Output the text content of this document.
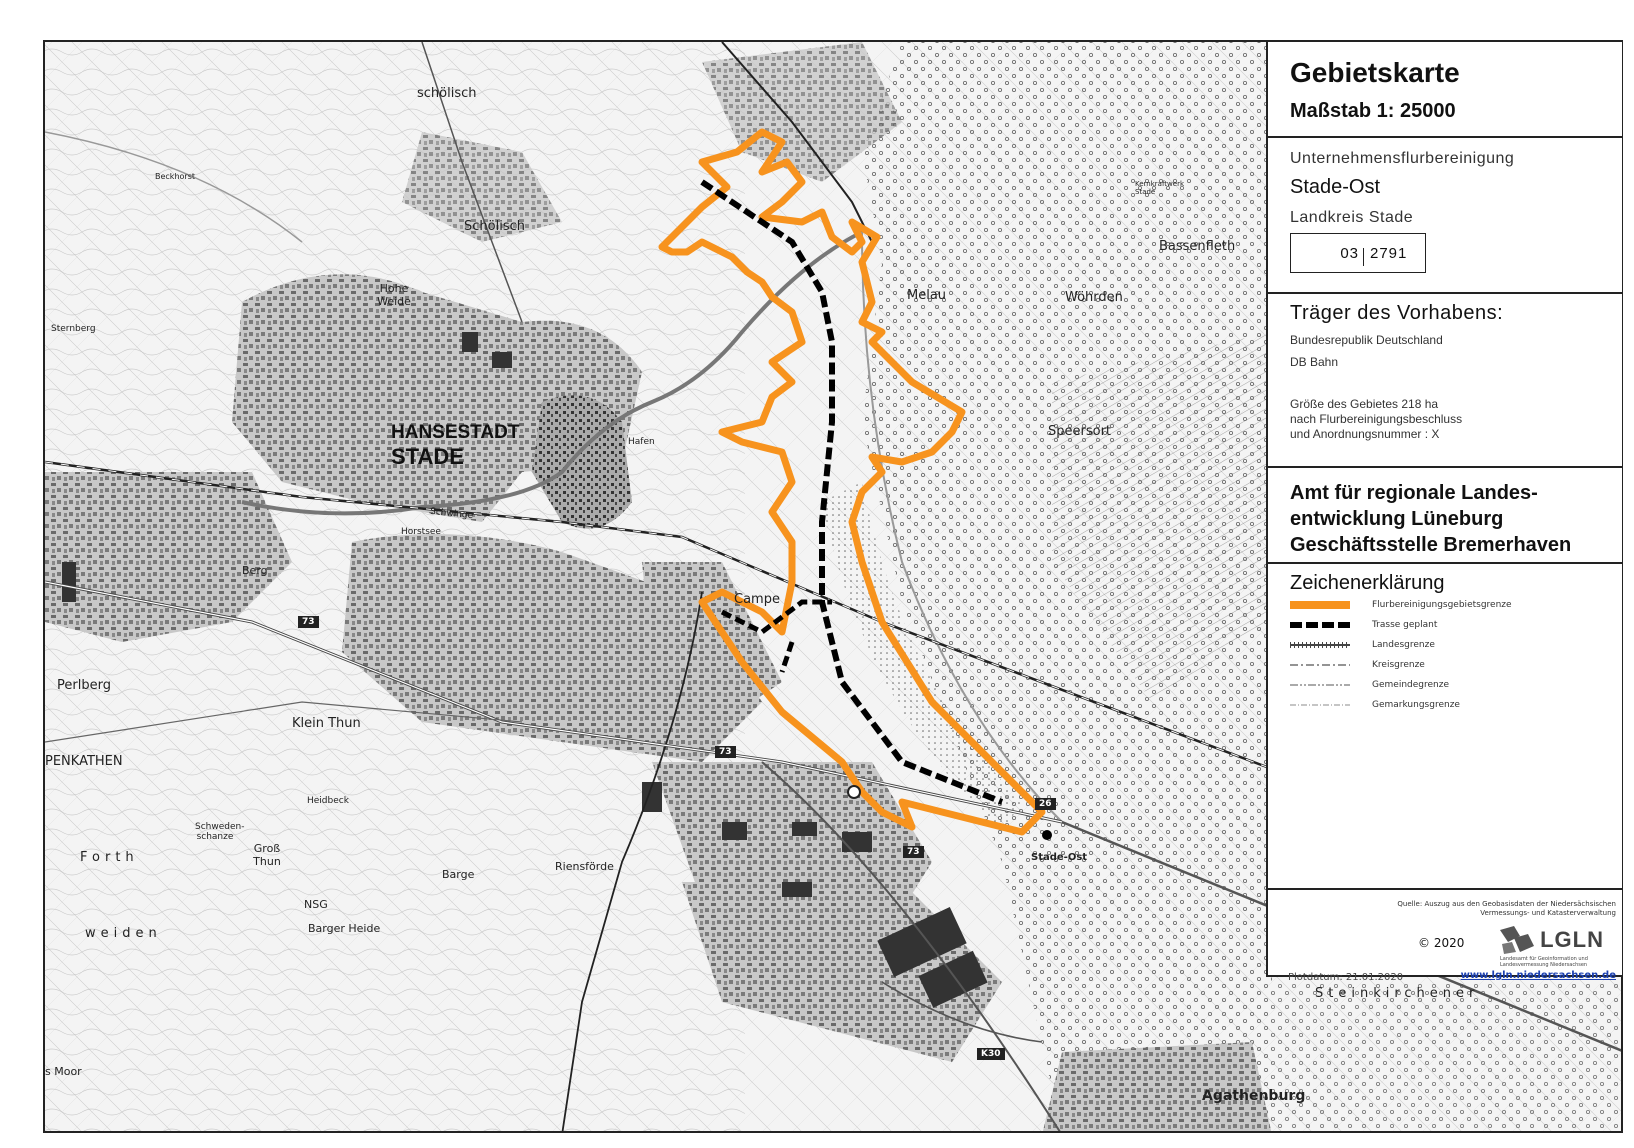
HANSESTADT
STADE
schölisch
Schölisch
Hohe Weide	Melau	Wöhrden
Bassenfleth
Speersort
Campe
Perlberg
Klein Thun
PENKATHEN
Groß Thun
Schweden-schanze
Forth
weiden
Agathenburg
Steinkirchener
Stade-Ost
Sternberg
Riensförde
Barge
NSG
Barger Heide
Berg
Horstsee
Kernkraftwerk Stade
s Moor
Hafen
Schwinge
Beckhorst
Heidbeck
73
73
73
26
K30
Gebietskarte
Maßstab 1: 25000
Unternehmensflurbereinigung
Stade-Ost
Landkreis Stade
03 2791
Träger des Vorhabens:
Bundesrepublik Deutschland
DB Bahn
Größe des Gebietes 218 ha
nach Flurbereinigungsbeschluss
und Anordnungsnummer : X
Amt für regionale Landes-
entwicklung Lüneburg
Geschäftsstelle Bremerhaven
Zeichenerklärung
Flurbereinigungsgebietsgrenze
Trasse geplant
Landesgrenze
Kreisgrenze
Gemeindegrenze
Gemarkungsgrenze
Quelle: Auszug aus den Geobasisdaten der Niedersächsischen Vermessungs- und Katasterverwaltung
© 2020	LGLN
Landesamt für Geoinformation und Landesvermessung Niedersachsen
Plotdatum: 21.01.2020	www.lgln.niedersachsen.de
